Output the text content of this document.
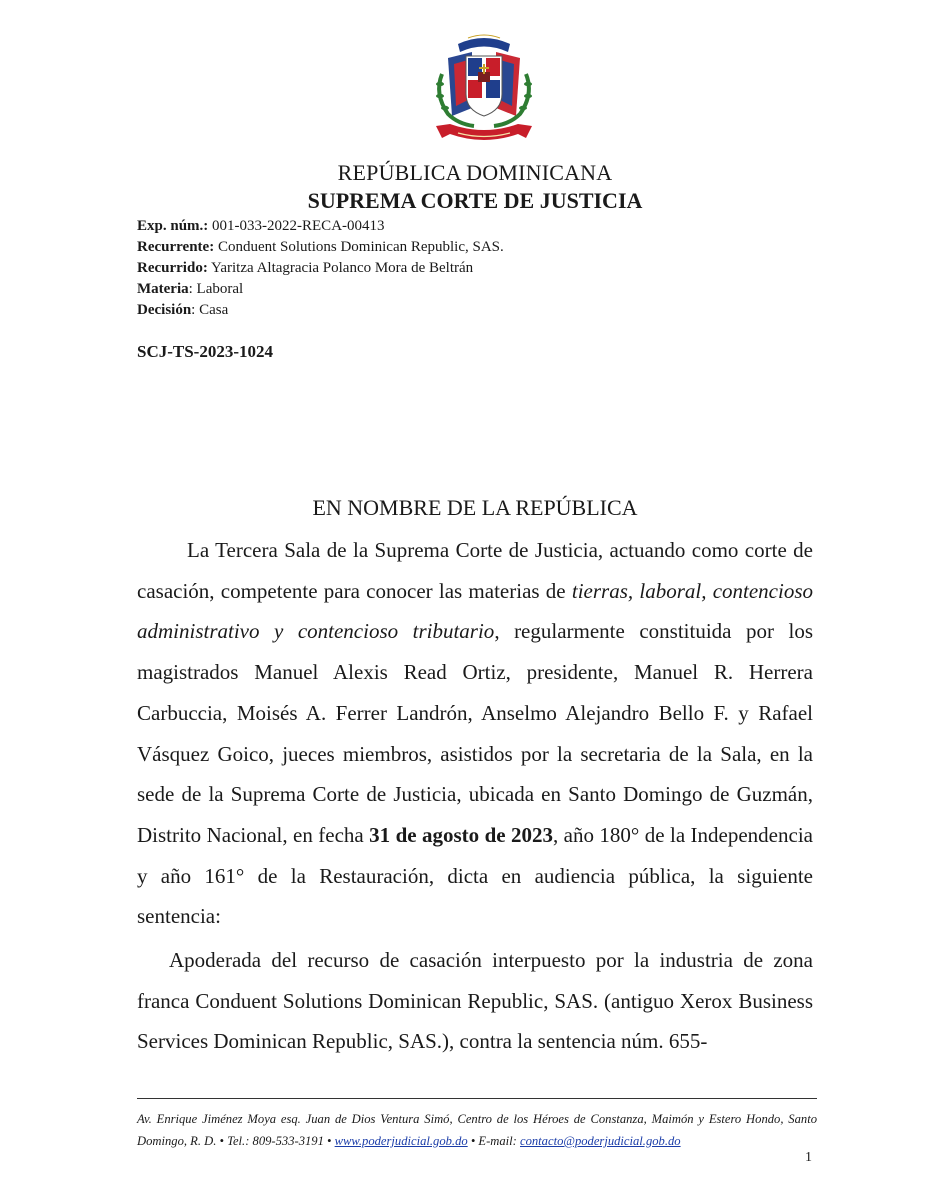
REPÚBLICA DOMINICANA
SUPREMA CORTE DE JUSTICIA
Exp. núm.: 001-033-2022-RECA-00413
Recurrente: Conduent Solutions Dominican Republic, SAS.
Recurrido: Yaritza Altagracia Polanco Mora de Beltrán
Materia: Laboral
Decisión: Casa
SCJ-TS-2023-1024
EN NOMBRE DE LA REPÚBLICA
La Tercera Sala de la Suprema Corte de Justicia, actuando como corte de casación, competente para conocer las materias de tierras, laboral, contencioso administrativo y contencioso tributario, regularmente constituida por los magistrados Manuel Alexis Read Ortiz, presidente, Manuel R. Herrera Carbuccia, Moisés A. Ferrer Landrón, Anselmo Alejandro Bello F. y Rafael Vásquez Goico, jueces miembros, asistidos por la secretaria de la Sala, en la sede de la Suprema Corte de Justicia, ubicada en Santo Domingo de Guzmán, Distrito Nacional, en fecha 31 de agosto de 2023, año 180° de la Independencia y año 161° de la Restauración, dicta en audiencia pública, la siguiente sentencia:
Apoderada del recurso de casación interpuesto por la industria de zona franca Conduent Solutions Dominican Republic, SAS. (antiguo Xerox Business Services Dominican Republic, SAS.), contra la sentencia núm. 655-
Av. Enrique Jiménez Moya esq. Juan de Dios Ventura Simó, Centro de los Héroes de Constanza, Maimón y Estero Hondo, Santo Domingo, R. D. • Tel.: 809-533-3191 • www.poderjudicial.gob.do • E-mail: contacto@poderjudicial.gob.do
1
